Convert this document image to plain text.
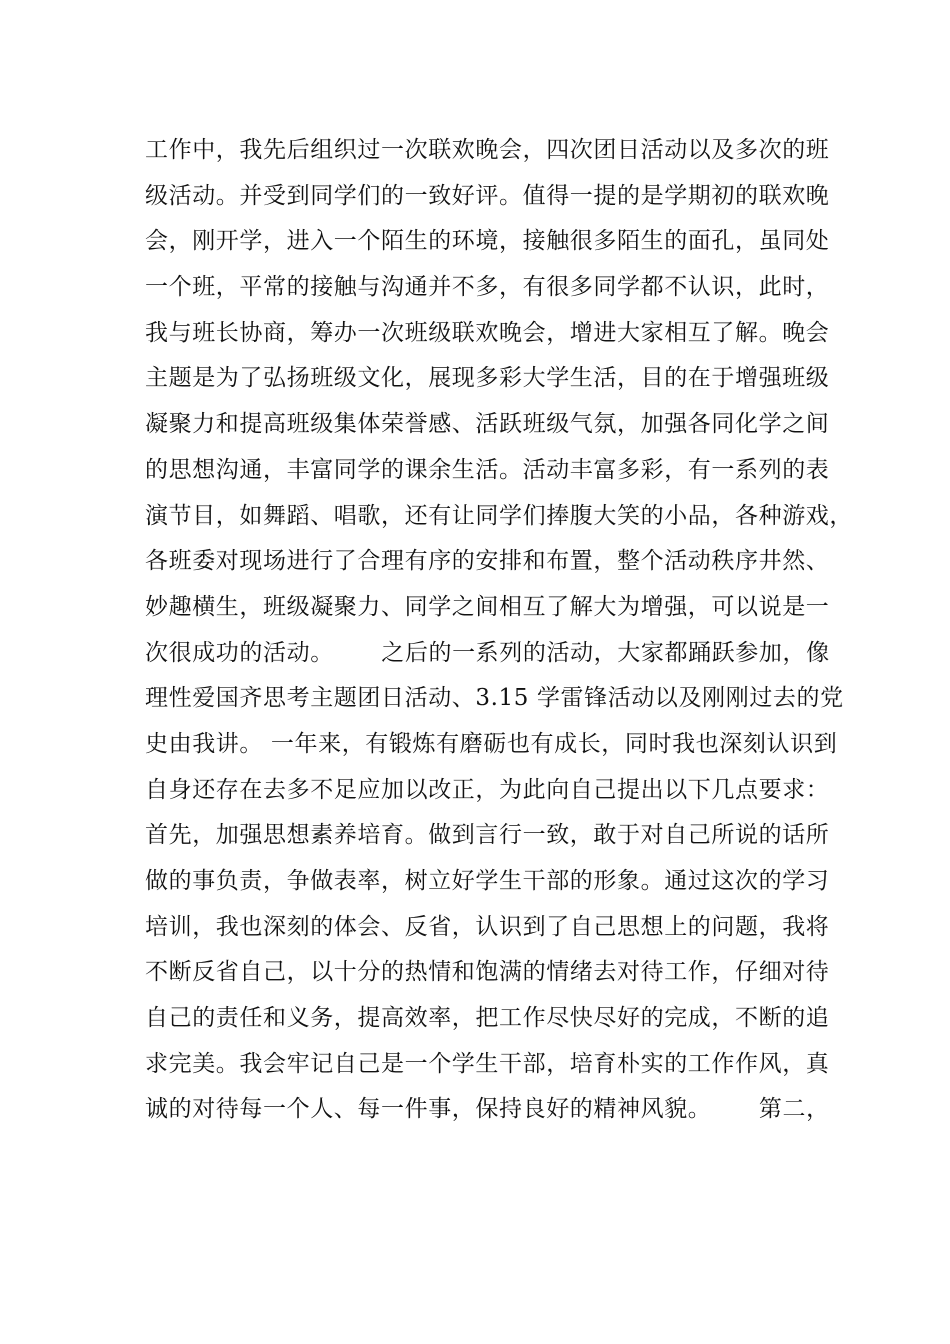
工作中，我先后组织过一次联欢晚会，四次团日活动以及多次的班
级活动。并受到同学们的一致好评。值得一提的是学期初的联欢晚
会，刚开学，进入一个陌生的环境，接触很多陌生的面孔，虽同处
一个班，平常的接触与沟通并不多，有很多同学都不认识，此时，
我与班长协商，筹办一次班级联欢晚会，增进大家相互了解。晚会
主题是为了弘扬班级文化，展现多彩大学生活，目的在于增强班级
凝聚力和提高班级集体荣誉感、活跃班级气氛，加强各同化学之间
的思想沟通，丰富同学的课余生活。活动丰富多彩，有一系列的表
演节目，如舞蹈、唱歌，还有让同学们捧腹大笑的小品，各种游戏，
各班委对现场进行了合理有序的安排和布置，整个活动秩序井然、
妙趣横生，班级凝聚力、同学之间相互了解大为增强，可以说是一
次很成功的活动。      之后的一系列的活动，大家都踊跃参加，像
理性爱国齐思考主题团日活动、3.15 学雷锋活动以及刚刚过去的党
史由我讲。 一年来，有锻炼有磨砺也有成长，同时我也深刻认识到
自身还存在去多不足应加以改正，为此向自己提出以下几点要求：
首先，加强思想素养培育。做到言行一致，敢于对自己所说的话所
做的事负责，争做表率，树立好学生干部的形象。通过这次的学习
培训，我也深刻的体会、反省，认识到了自己思想上的问题，我将
不断反省自己，以十分的热情和饱满的情绪去对待工作，仔细对待
自己的责任和义务，提高效率，把工作尽快尽好的完成，不断的追
求完美。我会牢记自己是一个学生干部，培育朴实的工作作风，真
诚的对待每一个人、每一件事，保持良好的精神风貌。      第二，
